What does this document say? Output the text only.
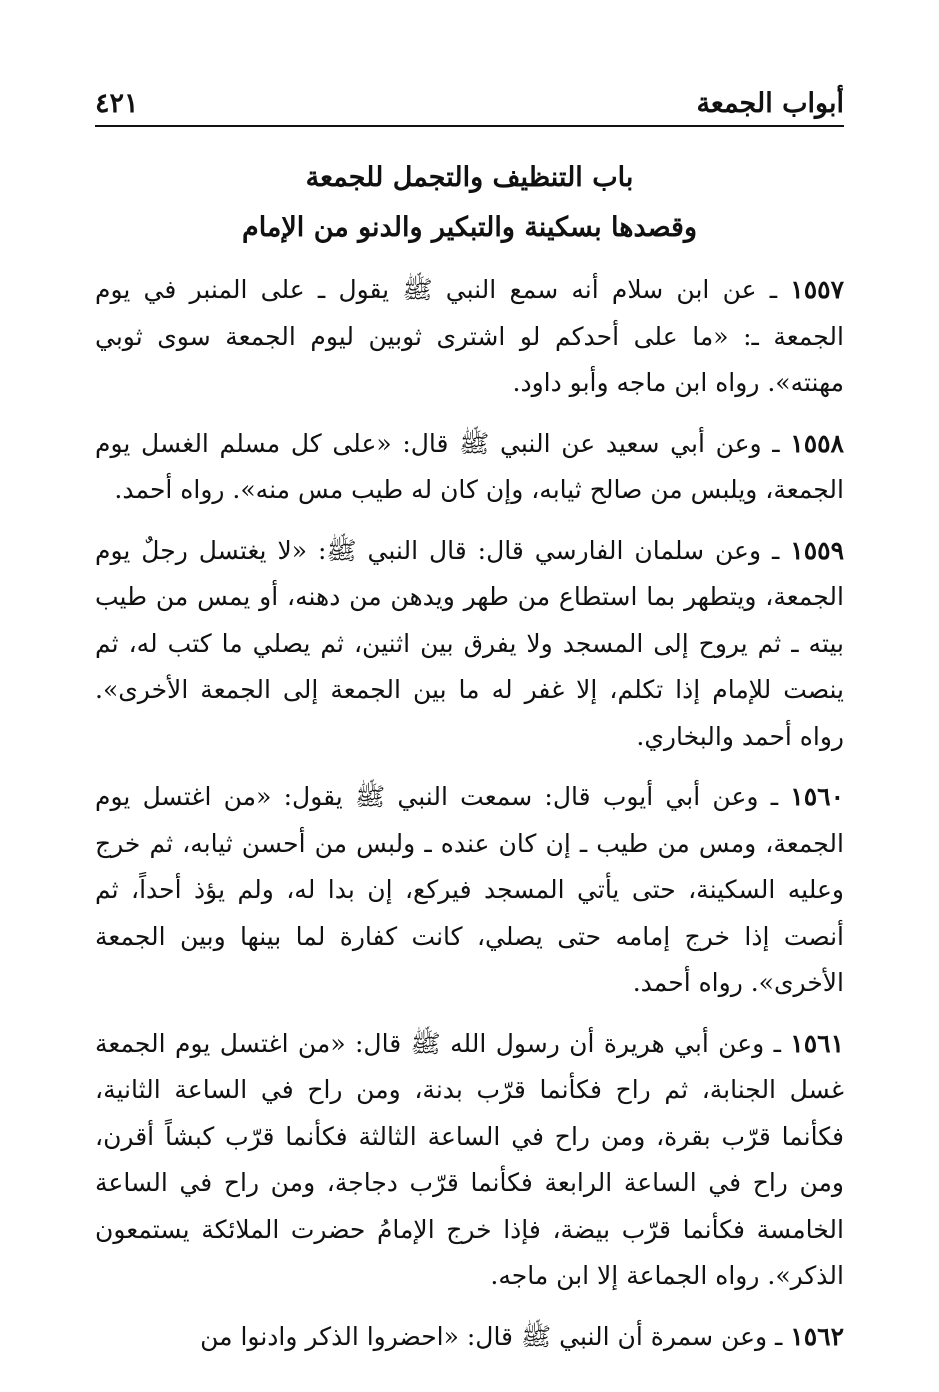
أبواب الجمعة
٤٢١
باب التنظيف والتجمل للجمعة
وقصدها بسكينة والتبكير والدنو من الإمام

١٥٥٧ ـ عن ابن سلام أنه سمع النبي ﷺ يقول ـ على المنبر في يوم الجمعة ـ: «ما على أحدكم لو اشترى ثوبين ليوم الجمعة سوى ثوبي مهنته». رواه ابن ماجه وأبو داود.

١٥٥٨ ـ وعن أبي سعيد عن النبي ﷺ قال: «على كل مسلم الغسل يوم الجمعة، ويلبس من صالح ثيابه، وإن كان له طيب مس منه». رواه أحمد.

١٥٥٩ ـ وعن سلمان الفارسي قال: قال النبي ﷺ: «لا يغتسل رجلٌ يوم الجمعة، ويتطهر بما استطاع من طهر ويدهن من دهنه، أو يمس من طيب بيته ـ ثم يروح إلى المسجد ولا يفرق بين اثنين، ثم يصلي ما كتب له، ثم ينصت للإمام إذا تكلم، إلا غفر له ما بين الجمعة إلى الجمعة الأخرى». رواه أحمد والبخاري.

١٥٦٠ ـ وعن أبي أيوب قال: سمعت النبي ﷺ يقول: «من اغتسل يوم الجمعة، ومس من طيب ـ إن كان عنده ـ ولبس من أحسن ثيابه، ثم خرج وعليه السكينة، حتى يأتي المسجد فيركع، إن بدا له، ولم يؤذ أحداً، ثم أنصت إذا خرج إمامه حتى يصلي، كانت كفارة لما بينها وبين الجمعة الأخرى». رواه أحمد.

١٥٦١ ـ وعن أبي هريرة أن رسول الله ﷺ قال: «من اغتسل يوم الجمعة غسل الجنابة، ثم راح فكأنما قرّب بدنة، ومن راح في الساعة الثانية، فكأنما قرّب بقرة، ومن راح في الساعة الثالثة فكأنما قرّب كبشاً أقرن، ومن راح في الساعة الرابعة فكأنما قرّب دجاجة، ومن راح في الساعة الخامسة فكأنما قرّب بيضة، فإذا خرج الإمامُ حضرت الملائكة يستمعون الذكر». رواه الجماعة إلا ابن ماجه.

١٥٦٢ ـ وعن سمرة أن النبي ﷺ قال: «احضروا الذكر وادنوا من
